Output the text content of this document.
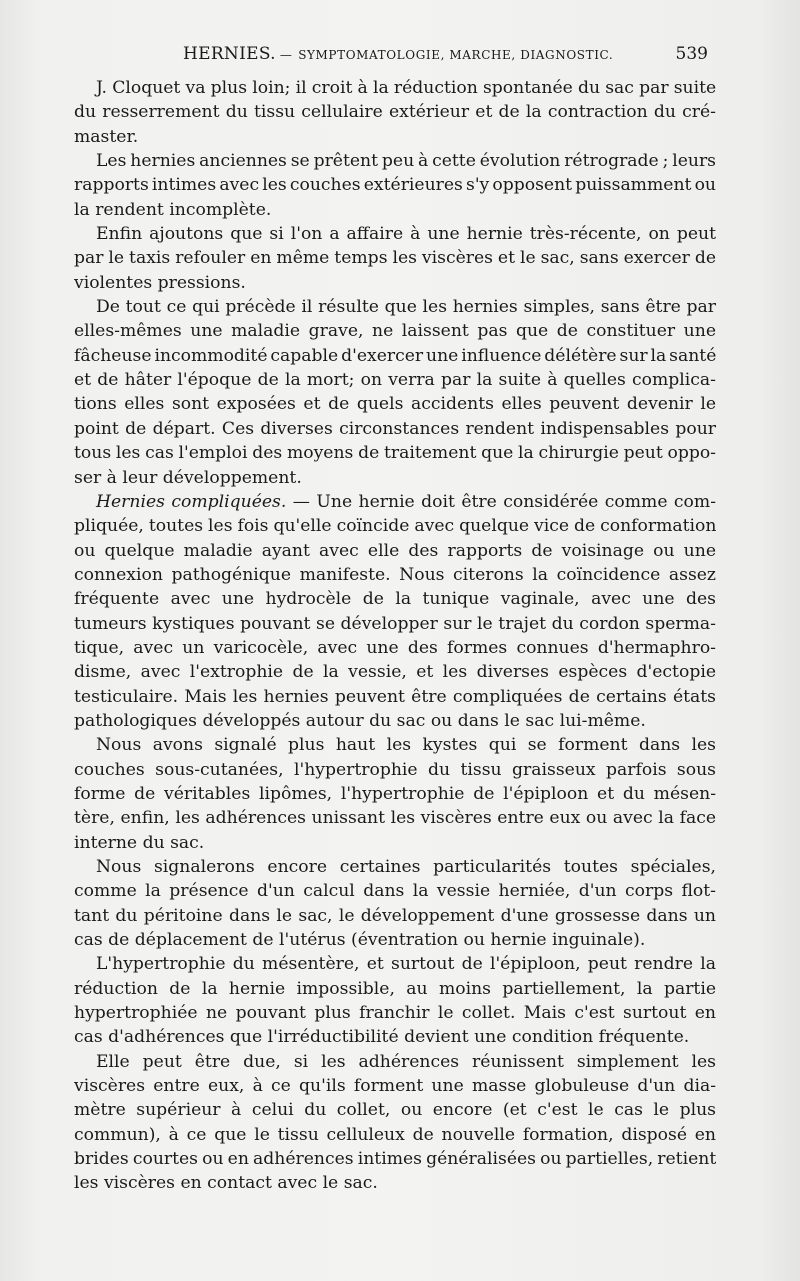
HERNIES. — SYMPTOMATOLOGIE, MARCHE, DIAGNOSTIC.	539
J. Cloquet va plus loin; il croit à la réduction spontanée du sac par suite
du resserrement du tissu cellulaire extérieur et de la contraction du cré-
master.
Les hernies anciennes se prêtent peu à cette évolution rétrograde ; leurs
rapports intimes avec les couches extérieures s'y opposent puissamment ou
la rendent incomplète.
Enfin ajoutons que si l'on a affaire à une hernie très-récente, on peut
par le taxis refouler en même temps les viscères et le sac, sans exercer de
violentes pressions.
De tout ce qui précède il résulte que les hernies simples, sans être par
elles-mêmes une maladie grave, ne laissent pas que de constituer une
fâcheuse incommodité capable d'exercer une influence délétère sur la santé
et de hâter l'époque de la mort; on verra par la suite à quelles complica-
tions elles sont exposées et de quels accidents elles peuvent devenir le
point de départ. Ces diverses circonstances rendent indispensables pour
tous les cas l'emploi des moyens de traitement que la chirurgie peut oppo-
ser à leur développement.
Hernies compliquées. — Une hernie doit être considérée comme com-
pliquée, toutes les fois qu'elle coïncide avec quelque vice de conformation
ou quelque maladie ayant avec elle des rapports de voisinage ou une
connexion pathogénique manifeste. Nous citerons la coïncidence assez
fréquente avec une hydrocèle de la tunique vaginale, avec une des
tumeurs kystiques pouvant se développer sur le trajet du cordon sperma-
tique, avec un varicocèle, avec une des formes connues d'hermaphro-
disme, avec l'extrophie de la vessie, et les diverses espèces d'ectopie
testiculaire. Mais les hernies peuvent être compliquées de certains états
pathologiques développés autour du sac ou dans le sac lui-même.
Nous avons signalé plus haut les kystes qui se forment dans les
couches sous-cutanées, l'hypertrophie du tissu graisseux parfois sous
forme de véritables lipômes, l'hypertrophie de l'épiploon et du mésen-
tère, enfin, les adhérences unissant les viscères entre eux ou avec la face
interne du sac.
Nous signalerons encore certaines particularités toutes spéciales,
comme la présence d'un calcul dans la vessie herniée, d'un corps flot-
tant du péritoine dans le sac, le développement d'une grossesse dans un
cas de déplacement de l'utérus (éventration ou hernie inguinale).
L'hypertrophie du mésentère, et surtout de l'épiploon, peut rendre la
réduction de la hernie impossible, au moins partiellement, la partie
hypertrophiée ne pouvant plus franchir le collet. Mais c'est surtout en
cas d'adhérences que l'irréductibilité devient une condition fréquente.
Elle peut être due, si les adhérences réunissent simplement les
viscères entre eux, à ce qu'ils forment une masse globuleuse d'un dia-
mètre supérieur à celui du collet, ou encore (et c'est le cas le plus
commun), à ce que le tissu celluleux de nouvelle formation, disposé en
brides courtes ou en adhérences intimes généralisées ou partielles, retient
les viscères en contact avec le sac.
